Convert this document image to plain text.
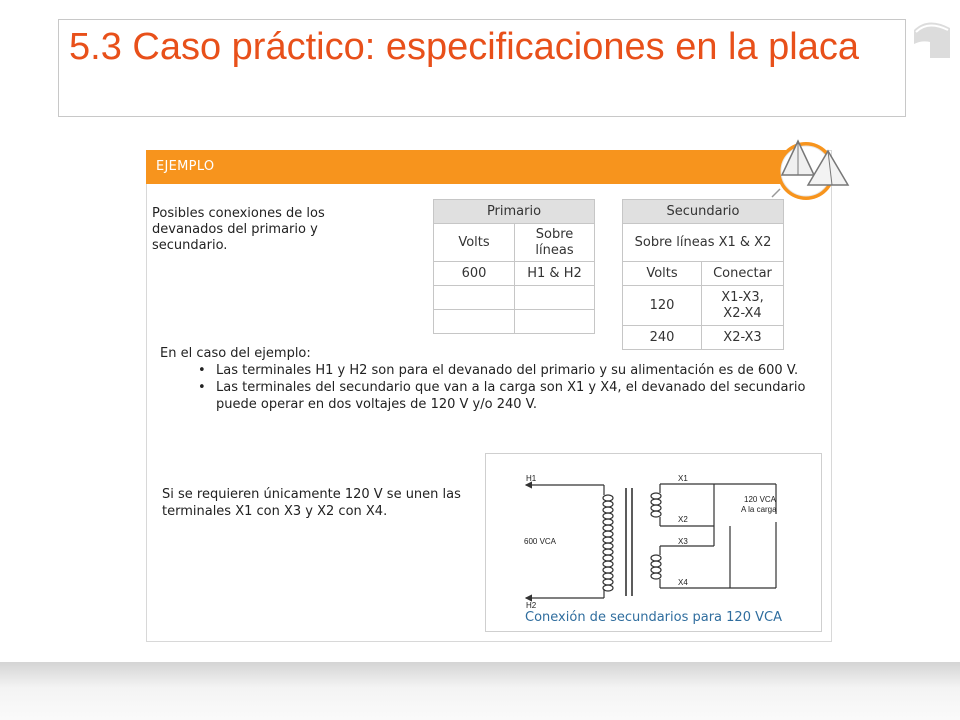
5.3 Caso práctico: especificaciones en la placa
EJEMPLO

Posibles conexiones de los devanados del primario y secundario.

Primario	
Volts	Sobre líneas
600	H1 & H2

Secundario	
Sobre líneas X1 & X2	
Volts	Conectar
120	X1-X3, X2-X4
240	X2-X3

En el caso del ejemplo:

• Las terminales H1 y H2 son para el devanado del primario y su alimentación es de 600 V.
• Las terminales del secundario que van a la carga son X1 y X4, el devanado del secundario puede operar en dos voltajes de 120 V y/o 240 V.

Si se requieren únicamente 120 V se unen las terminales X1 con X3 y X2 con X4.

H1
H2
600 VCA
X1
X2
X3
X4
120 VCA
A la carga
Conexión de secundarios para 120 VCA
